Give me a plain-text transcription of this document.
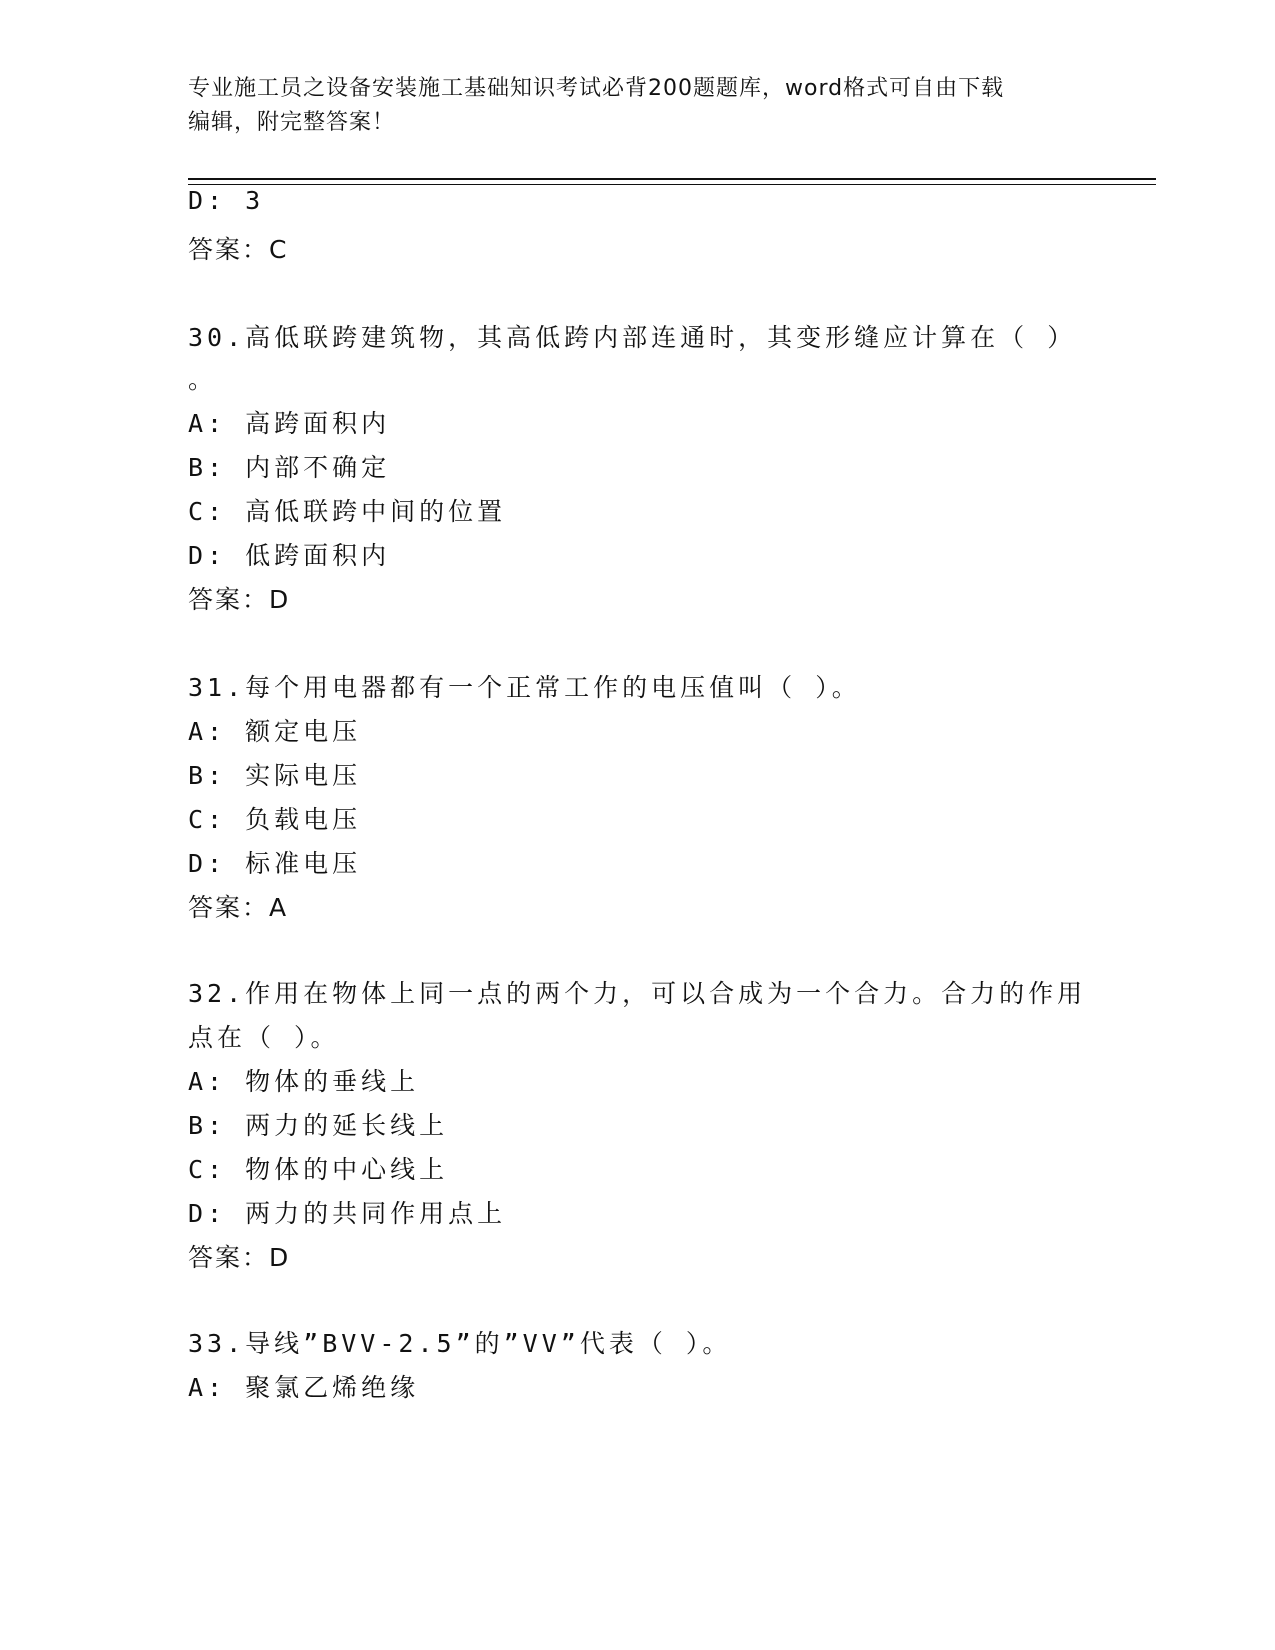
专业施工员之设备安装施工基础知识考试必背200题题库，word格式可自由下载
编辑，附完整答案！
D: 3
答案：C
30.高低联跨建筑物，其高低跨内部连通时，其变形缝应计算在（ ）
。
A: 高跨面积内
B: 内部不确定
C: 高低联跨中间的位置
D: 低跨面积内
答案：D
31.每个用电器都有一个正常工作的电压值叫（ ）。
A: 额定电压
B: 实际电压
C: 负载电压
D: 标准电压
答案：A
32.作用在物体上同一点的两个力，可以合成为一个合力。合力的作用
点在（ ）。
A: 物体的垂线上
B: 两力的延长线上
C: 物体的中心线上
D: 两力的共同作用点上
答案：D
33.导线”BVV-2.5”的”VV”代表（ ）。
A: 聚氯乙烯绝缘
